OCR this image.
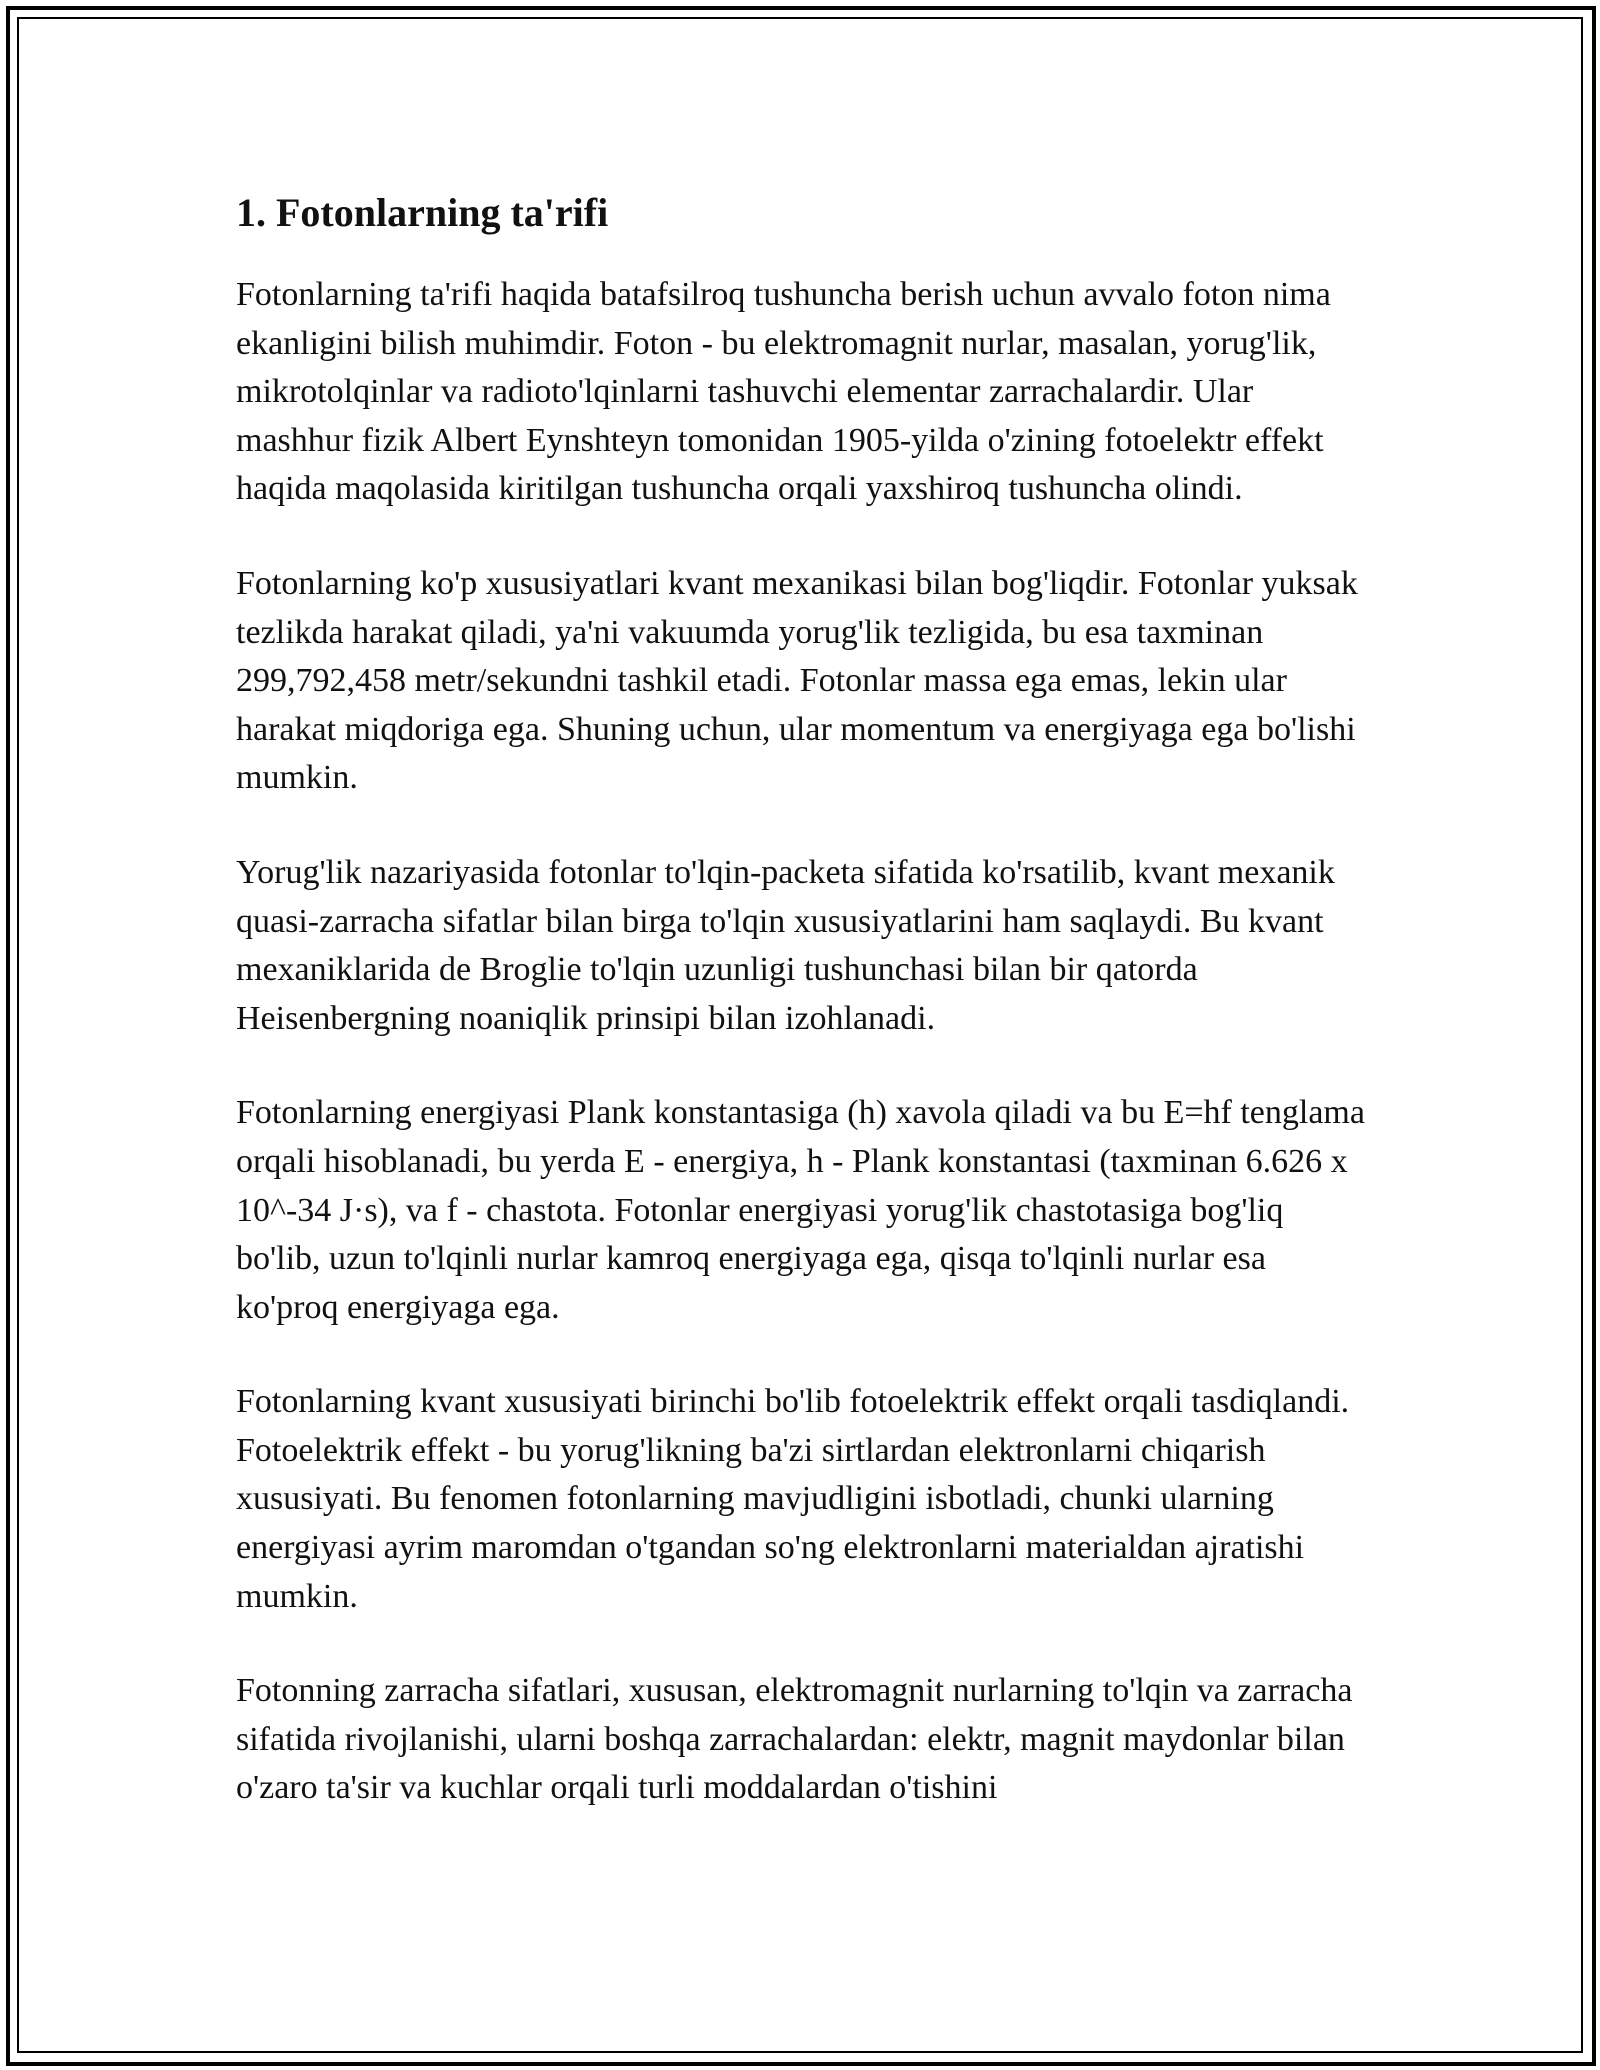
1. Fotonlarning ta'rifi

Fotonlarning ta'rifi haqida batafsilroq tushuncha berish uchun avvalo foton nima ekanligini bilish muhimdir. Foton - bu elektromagnit nurlar, masalan, yorug'lik, mikrotolqinlar va radioto'lqinlarni tashuvchi elementar zarrachalardir. Ular mashhur fizik Albert Eynshteyn tomonidan 1905-yilda o'zining fotoelektr effekt haqida maqolasida kiritilgan tushuncha orqali yaxshiroq tushuncha olindi.

Fotonlarning ko'p xususiyatlari kvant mexanikasi bilan bog'liqdir. Fotonlar yuksak tezlikda harakat qiladi, ya'ni vakuumda yorug'lik tezligida, bu esa taxminan 299,792,458 metr/sekundni tashkil etadi. Fotonlar massa ega emas, lekin ular harakat miqdoriga ega. Shuning uchun, ular momentum va energiyaga ega bo'lishi mumkin.

Yorug'lik nazariyasida fotonlar to'lqin-packeta sifatida ko'rsatilib, kvant mexanik quasi-zarracha sifatlar bilan birga to'lqin xususiyatlarini ham saqlaydi. Bu kvant mexaniklarida de Broglie to'lqin uzunligi tushunchasi bilan bir qatorda Heisenbergning noaniqlik prinsipi bilan izohlanadi.

Fotonlarning energiyasi Plank konstantasiga (h) xavola qiladi va bu E=hf tenglama orqali hisoblanadi, bu yerda E - energiya, h - Plank konstantasi (taxminan 6.626 x 10^-34 J·s), va f - chastota. Fotonlar energiyasi yorug'lik chastotasiga bog'liq bo'lib, uzun to'lqinli nurlar kamroq energiyaga ega, qisqa to'lqinli nurlar esa ko'proq energiyaga ega.

Fotonlarning kvant xususiyati birinchi bo'lib fotoelektrik effekt orqali tasdiqlandi. Fotoelektrik effekt - bu yorug'likning ba'zi sirtlardan elektronlarni chiqarish xususiyati. Bu fenomen fotonlarning mavjudligini isbotladi, chunki ularning energiyasi ayrim maromdan o'tgandan so'ng elektronlarni materialdan ajratishi mumkin.

Fotonning zarracha sifatlari, xususan, elektromagnit nurlarning to'lqin va zarracha sifatida rivojlanishi, ularni boshqa zarrachalardan: elektr, magnit maydonlar bilan o'zaro ta'sir va kuchlar orqali turli moddalardan o'tishini
